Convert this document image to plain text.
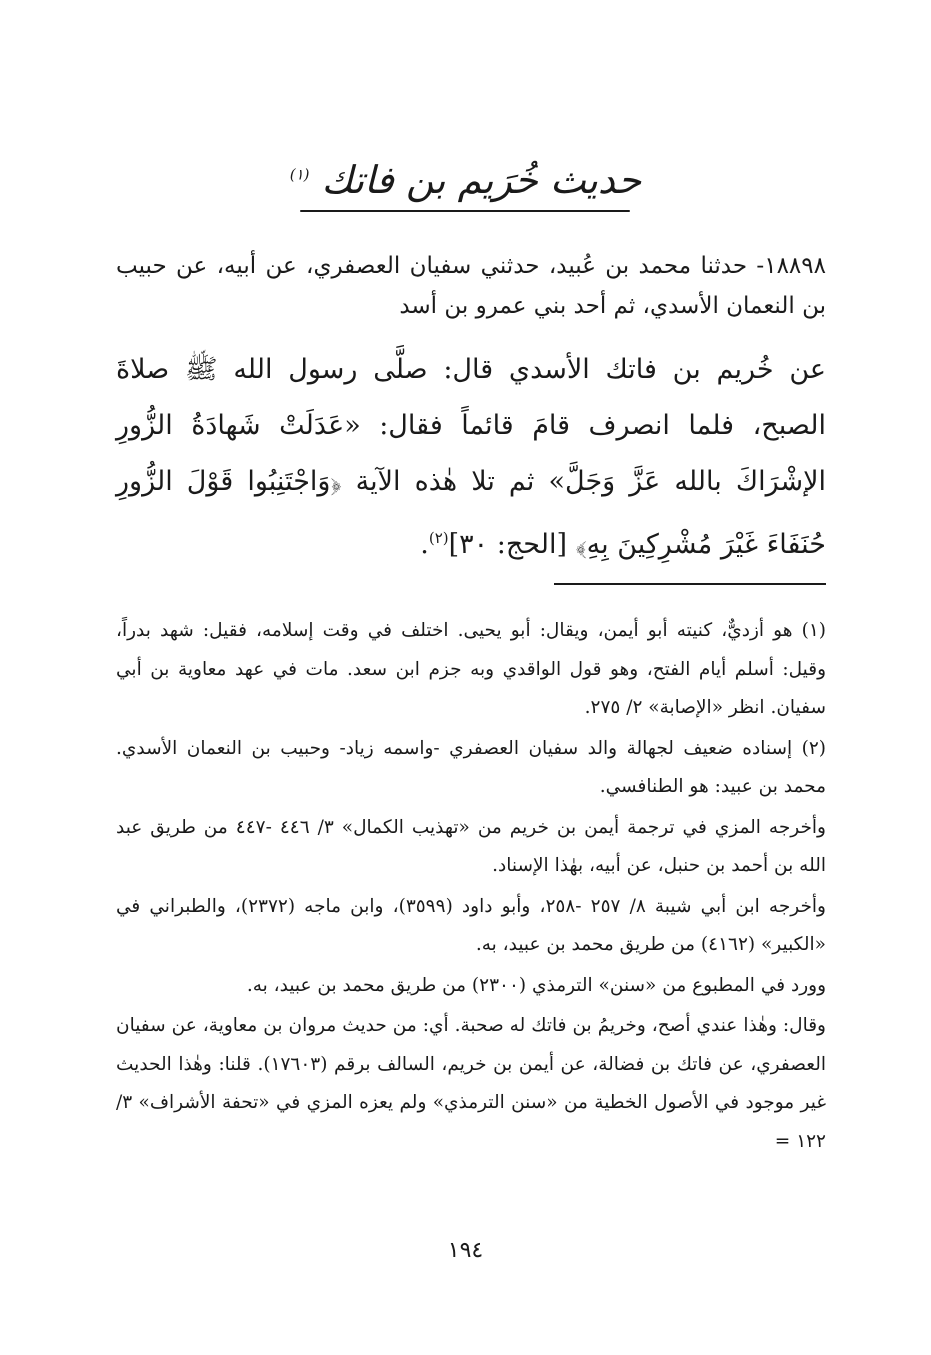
حديث خُرَيم بن فاتك $^{(١)}$
١٨٨٩٨- حدثنا محمد بن عُبيد، حدثني سفيان العصفري، عن أبيه، عن حبيب بن النعمان الأسدي، ثم أحد بني عمرو بن أسد
عن خُريم بن فاتك الأسدي قال: صلَّى رسول الله ﷺ صلاةَ الصبح، فلما انصرف قامَ قائماً فقال: «عَدَلَتْ شَهادَةُ الزُّورِ الإشْرَاكَ بالله عَزَّ وَجَلَّ» ثم تلا هٰذه الآية ﴿وَاجْتَنِبُوا قَوْلَ الزُّورِ حُنَفَاءَ غَيْرَ مُشْرِكِينَ بِهِ﴾ [الحج: ٣٠]$^{(٢)}$.

(١) هو أزديٌّ، كنيته أبو أيمن، ويقال: أبو يحيى. اختلف في وقت إسلامه، فقيل: شهد بدراً، وقيل: أسلم أيام الفتح، وهو قول الواقدي وبه جزم ابن سعد. مات في عهد معاوية بن أبي سفيان. انظر «الإصابة» ٢/ ٢٧٥.

(٢) إسناده ضعيف لجهالة والد سفيان العصفري -واسمه زياد- وحبيب بن النعمان الأسدي. محمد بن عبيد: هو الطنافسي.

وأخرجه المزي في ترجمة أيمن بن خريم من «تهذيب الكمال» ٣/ ٤٤٦ -٤٤٧ من طريق عبد الله بن أحمد بن حنبل، عن أبيه، بهٰذا الإسناد.

وأخرجه ابن أبي شيبة ٨/ ٢٥٧ -٢٥٨، وأبو داود (٣٥٩٩)، وابن ماجه (٢٣٧٢)، والطبراني في «الكبير» (٤١٦٢) من طريق محمد بن عبيد، به.

وورد في المطبوع من «سنن» الترمذي (٢٣٠٠) من طريق محمد بن عبيد، به.

وقال: وهٰذا عندي أصح، وخريمُ بن فاتك له صحبة. أي: من حديث مروان بن معاوية، عن سفيان العصفري، عن فاتك بن فضالة، عن أيمن بن خريم، السالف برقم (١٧٦٠٣). قلنا: وهٰذا الحديث غير موجود في الأصول الخطية من «سنن الترمذي» ولم يعزه المزي في «تحفة الأشراف» ٣/ ١٢٢ =

١٩٤
